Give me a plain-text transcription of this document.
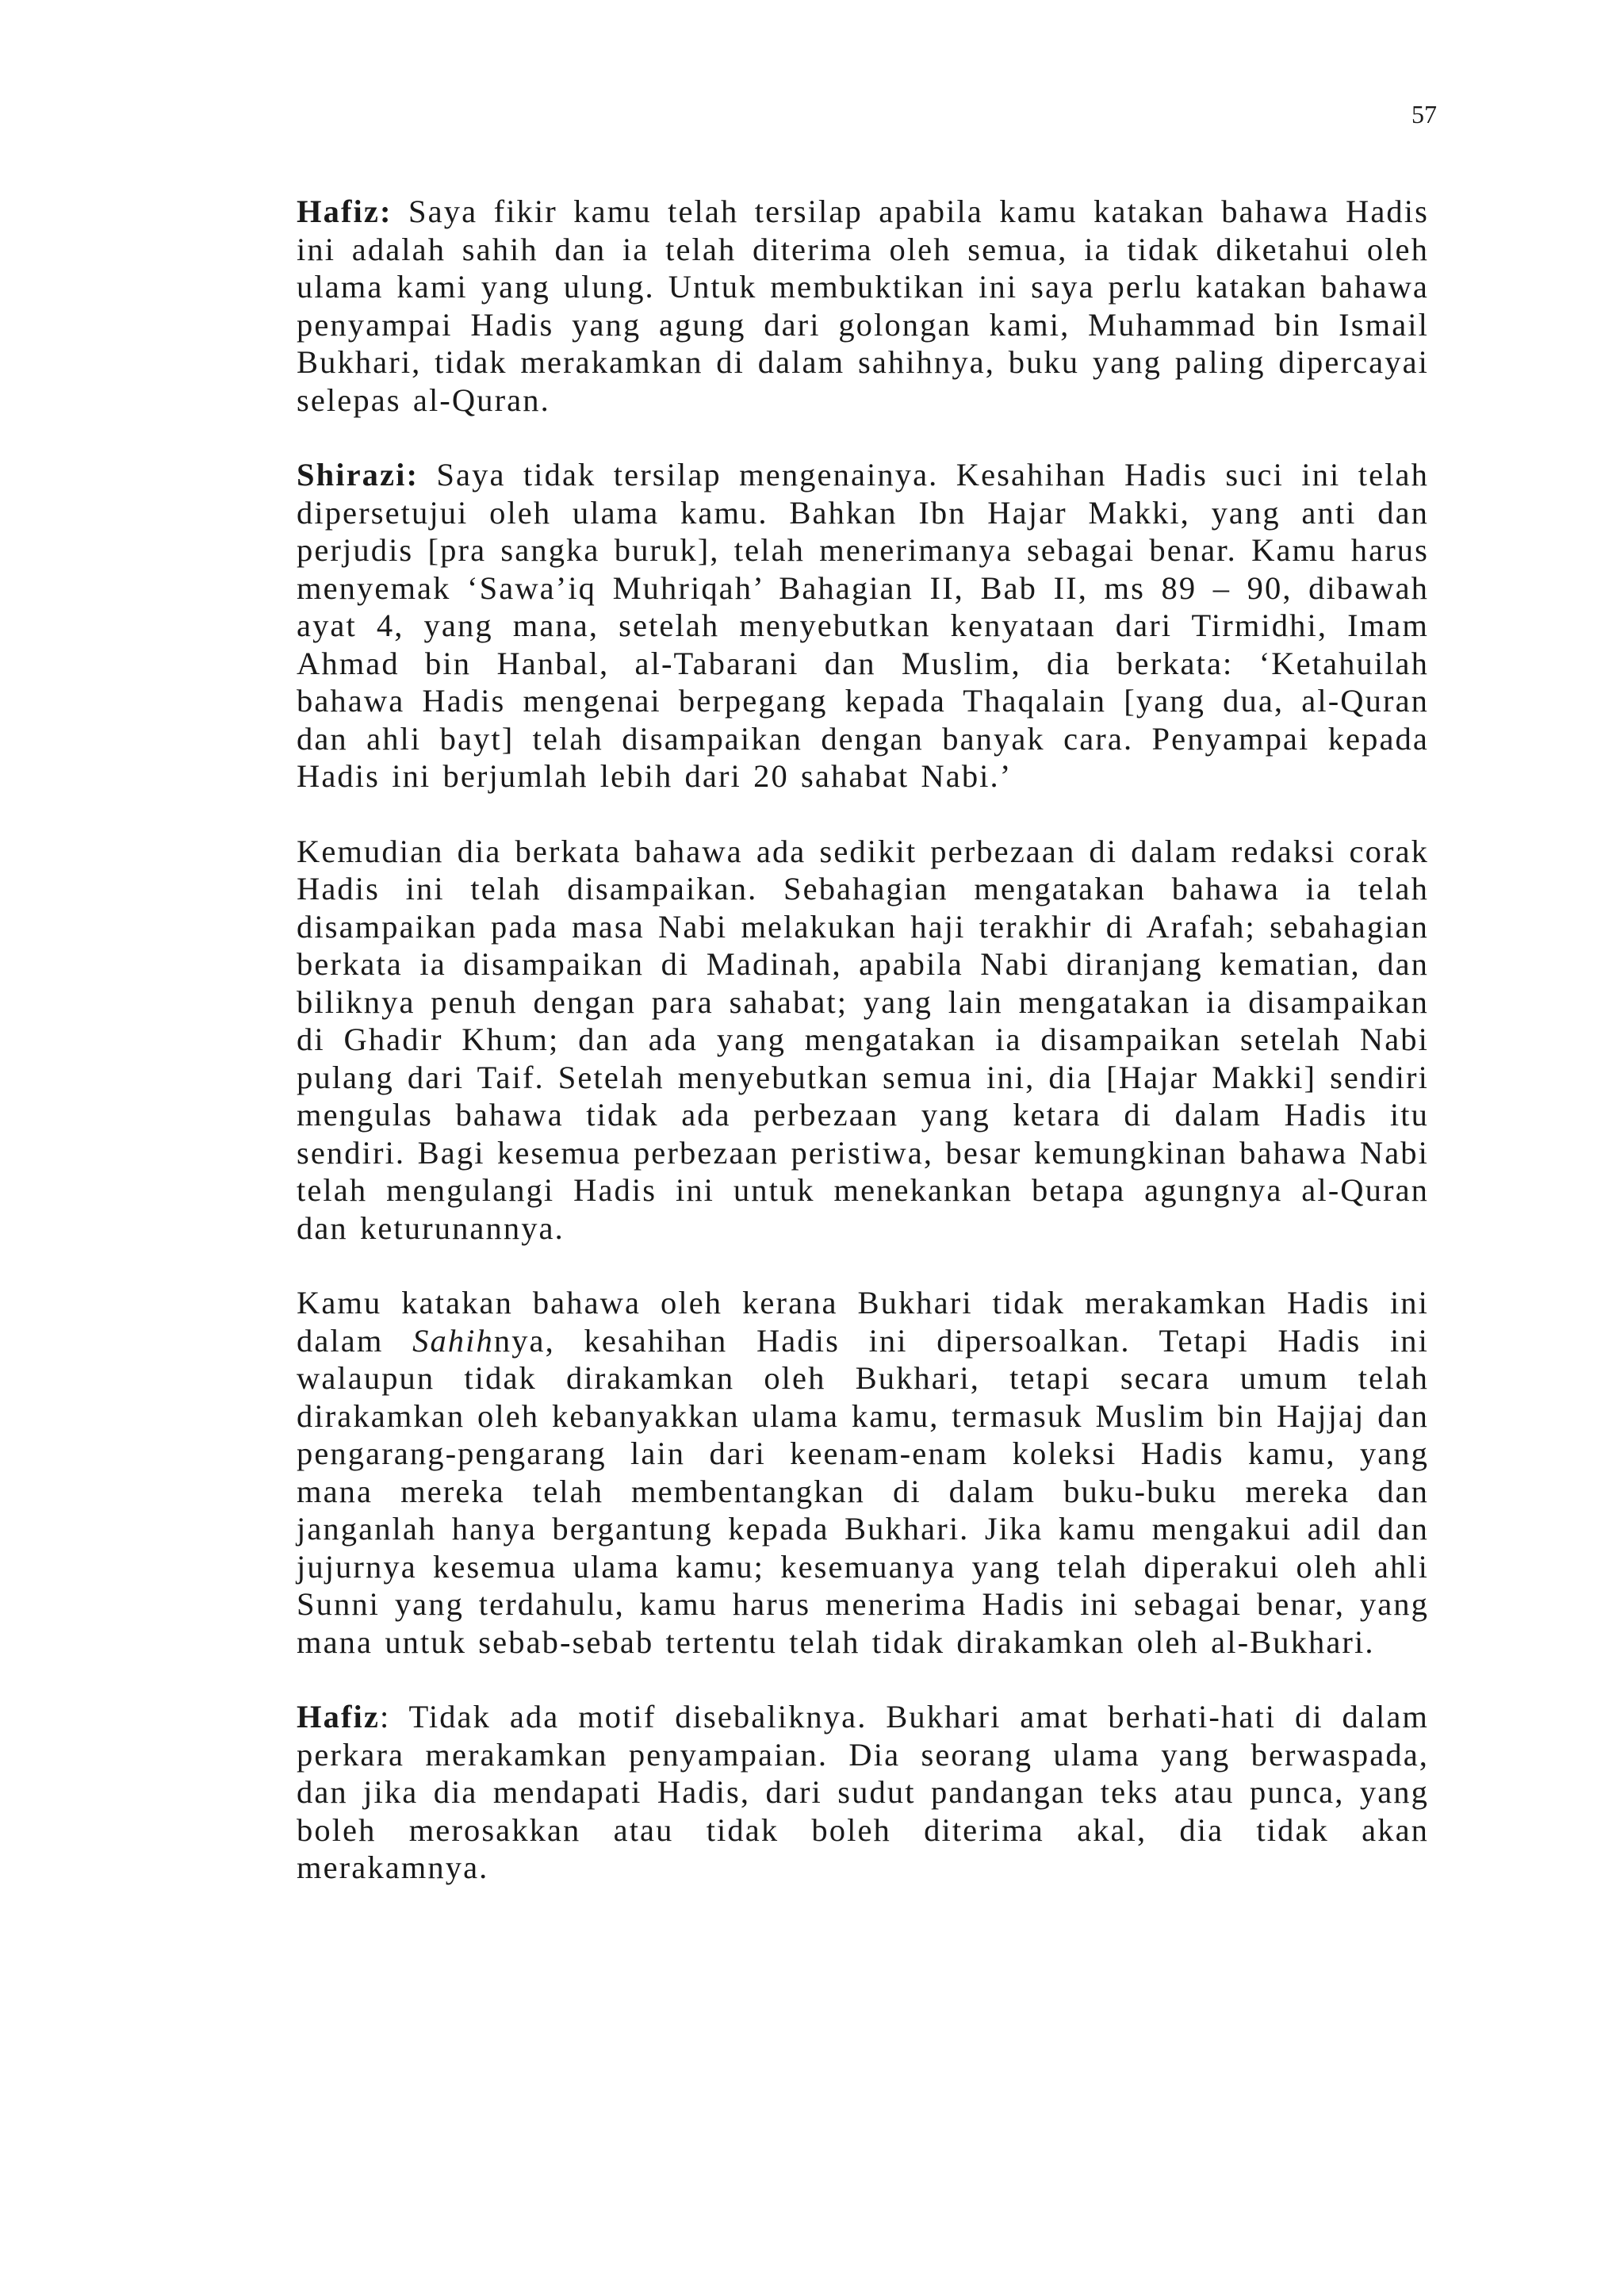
57

Hafiz: Saya fikir kamu telah tersilap apabila kamu katakan bahawa Hadis ini adalah sahih dan ia telah diterima oleh semua, ia tidak diketahui oleh ulama kami yang ulung. Untuk membuktikan ini saya perlu katakan bahawa penyampai Hadis yang agung dari golongan kami, Muhammad bin Ismail Bukhari, tidak merakamkan di dalam sahihnya, buku yang paling dipercayai selepas al-Quran.

Shirazi: Saya tidak tersilap mengenainya. Kesahihan Hadis suci ini telah dipersetujui oleh ulama kamu. Bahkan Ibn Hajar Makki, yang anti dan perjudis [pra sangka buruk], telah menerimanya sebagai benar. Kamu harus menyemak ‘Sawa’iq Muhriqah’ Bahagian II, Bab II, ms 89 – 90, dibawah ayat 4, yang mana, setelah menyebutkan kenyataan dari Tirmidhi, Imam Ahmad bin Hanbal, al-Tabarani dan Muslim, dia berkata: ‘Ketahuilah bahawa Hadis mengenai berpegang kepada Thaqalain [yang dua, al-Quran dan ahli bayt] telah disampaikan dengan banyak cara. Penyampai kepada Hadis ini berjumlah lebih dari 20 sahabat Nabi.’

Kemudian dia berkata bahawa ada sedikit perbezaan di dalam redaksi corak Hadis ini telah disampaikan. Sebahagian mengatakan bahawa ia telah disampaikan pada masa Nabi melakukan haji terakhir di Arafah; sebahagian berkata ia disampaikan di Madinah, apabila Nabi diranjang kematian, dan biliknya penuh dengan para sahabat; yang lain mengatakan ia disampaikan di Ghadir Khum; dan ada yang mengatakan ia disampaikan setelah Nabi pulang dari Taif. Setelah menyebutkan semua ini, dia [Hajar Makki] sendiri mengulas bahawa tidak ada perbezaan yang ketara di dalam Hadis itu sendiri. Bagi kesemua perbezaan peristiwa, besar kemungkinan bahawa Nabi telah mengulangi Hadis ini untuk menekankan betapa agungnya al-Quran dan keturunannya.

Kamu katakan bahawa oleh kerana Bukhari tidak merakamkan Hadis ini dalam Sahihnya, kesahihan Hadis ini dipersoalkan. Tetapi Hadis ini walaupun tidak dirakamkan oleh Bukhari, tetapi secara umum telah dirakamkan oleh kebanyakkan ulama kamu, termasuk Muslim bin Hajjaj dan pengarang-pengarang lain dari keenam-enam koleksi Hadis kamu, yang mana mereka telah membentangkan di dalam buku-buku mereka dan janganlah hanya bergantung kepada Bukhari. Jika kamu mengakui adil dan jujurnya kesemua ulama kamu; kesemuanya yang telah diperakui oleh ahli Sunni yang terdahulu, kamu harus menerima Hadis ini sebagai benar, yang mana untuk sebab-sebab tertentu telah tidak dirakamkan oleh al-Bukhari.

Hafiz: Tidak ada motif disebaliknya. Bukhari amat berhati-hati di dalam perkara merakamkan penyampaian. Dia seorang ulama yang berwaspada, dan jika dia mendapati Hadis, dari sudut pandangan teks atau punca, yang boleh merosakkan atau tidak boleh diterima akal, dia tidak akan merakamnya.
